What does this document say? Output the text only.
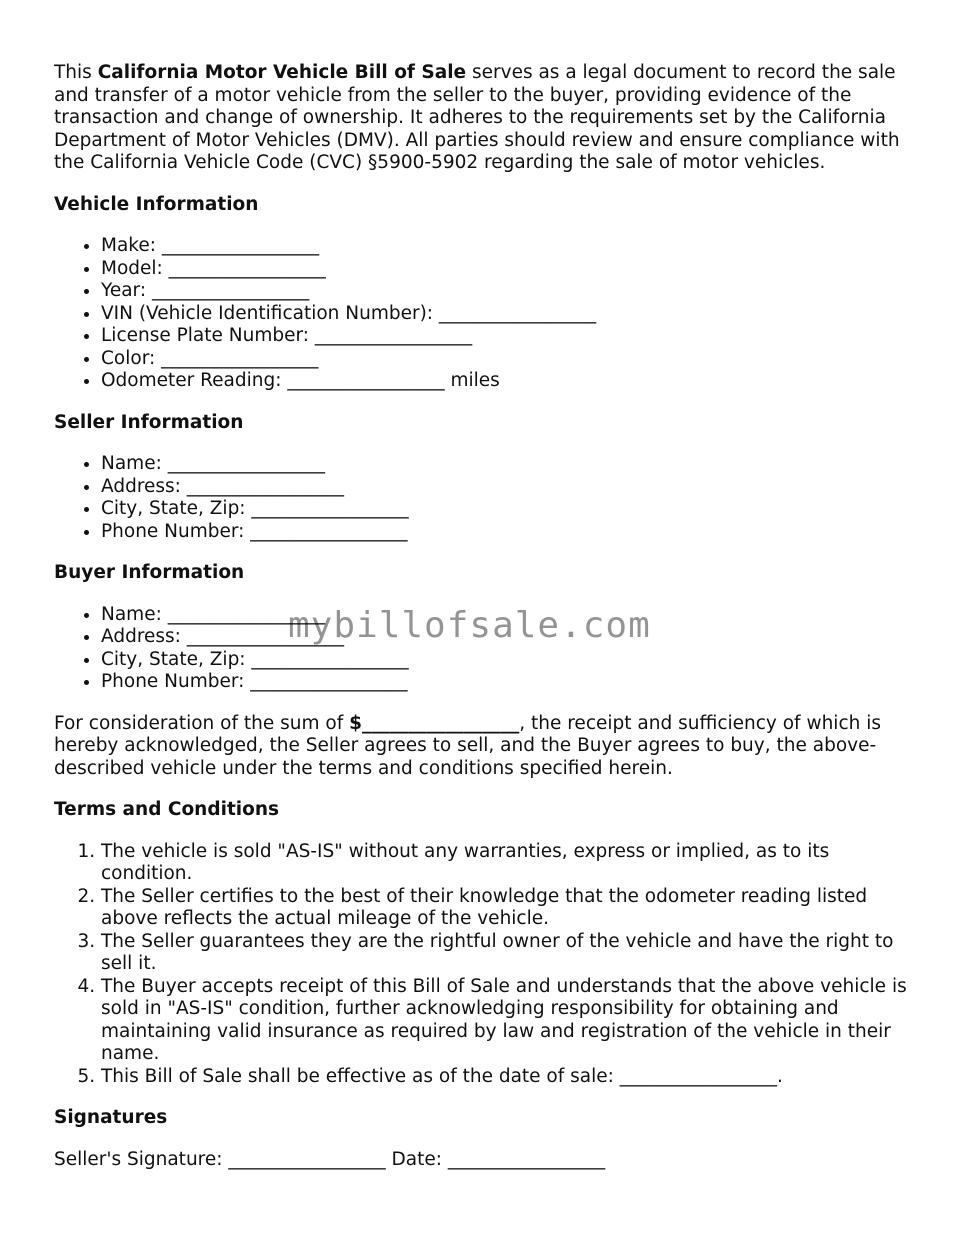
This California Motor Vehicle Bill of Sale serves as a legal document to record the sale and transfer of a motor vehicle from the seller to the buyer, providing evidence of the transaction and change of ownership. It adheres to the requirements set by the California Department of Motor Vehicles (DMV). All parties should review and ensure compliance with the California Vehicle Code (CVC) §5900-5902 regarding the sale of motor vehicles.

Vehicle Information
• Make: _________________
• Model: _________________
• Year: _________________
• VIN (Vehicle Identification Number): _________________
• License Plate Number: _________________
• Color: _________________
• Odometer Reading: _________________ miles
Seller Information
• Name: _________________
• Address: _________________
• City, State, Zip: _________________
• Phone Number: _________________
Buyer Information
• Name: _________________
• Address: _________________
• City, State, Zip: _________________
• Phone Number: _________________

For consideration of the sum of $_________________, the receipt and sufficiency of which is hereby acknowledged, the Seller agrees to sell, and the Buyer agrees to buy, the above-described vehicle under the terms and conditions specified herein.

Terms and Conditions
1. The vehicle is sold "AS-IS" without any warranties, express or implied, as to its condition.
2. The Seller certifies to the best of their knowledge that the odometer reading listed above reflects the actual mileage of the vehicle.
3. The Seller guarantees they are the rightful owner of the vehicle and have the right to sell it.
4. The Buyer accepts receipt of this Bill of Sale and understands that the above vehicle is sold in "AS-IS" condition, further acknowledging responsibility for obtaining and maintaining valid insurance as required by law and registration of the vehicle in their name.
5. This Bill of Sale shall be effective as of the date of sale: _________________.
Signatures

Seller's Signature: _________________ Date: _________________

mybillofsale.com
